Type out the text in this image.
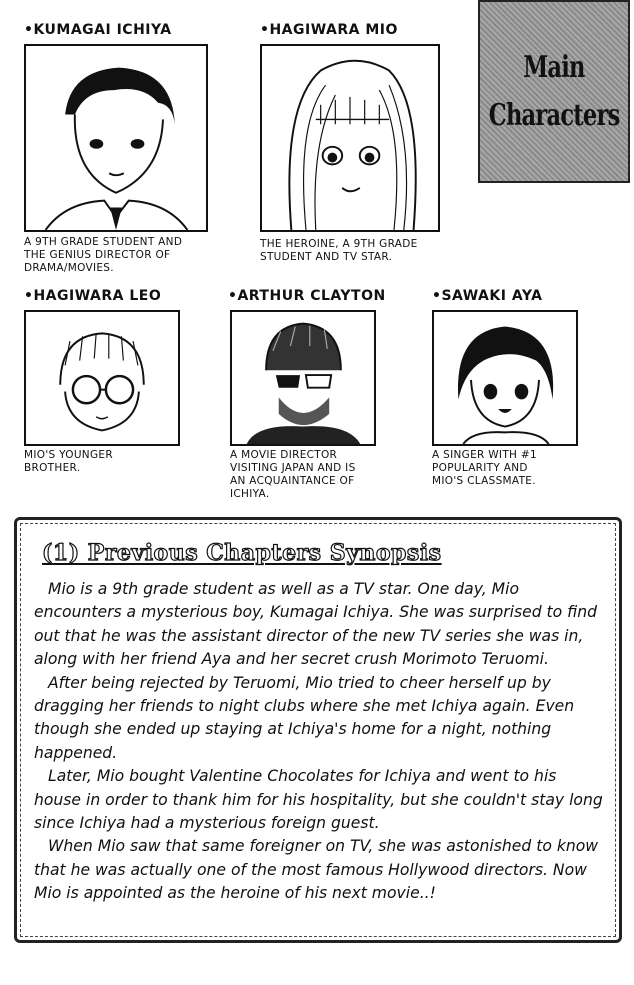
•KUMAGAI ICHIYA
A 9TH GRADE STUDENT AND
THE GENIUS DIRECTOR OF
DRAMA/MOVIES.
•HAGIWARA MIO
THE HEROINE, A 9TH GRADE
STUDENT AND TV STAR.
Main
Characters
•HAGIWARA LEO
MIO'S YOUNGER
BROTHER.
•ARTHUR CLAYTON
A MOVIE DIRECTOR
VISITING JAPAN AND IS
AN ACQUAINTANCE OF
ICHIYA.
•SAWAKI AYA
A SINGER WITH #1
POPULARITY AND
MIO'S CLASSMATE.
(1) Previous Chapters Synopsis

Mio is a 9th grade student as well as a TV star. One day, Mio encounters a mysterious boy, Kumagai Ichiya. She was surprised to find out that he was the assistant director of the new TV series she was in, along with her friend Aya and her secret crush Morimoto Teruomi.

After being rejected by Teruomi, Mio tried to cheer herself up by dragging her friends to night clubs where she met Ichiya again. Even though she ended up staying at Ichiya's home for a night, nothing happened.

Later, Mio bought Valentine Chocolates for Ichiya and went to his house in order to thank him for his hospitality, but she couldn't stay long since Ichiya had a mysterious foreign guest.

When Mio saw that same foreigner on TV, she was astonished to know that he was actually one of the most famous Hollywood directors. Now Mio is appointed as the heroine of his next movie..!
